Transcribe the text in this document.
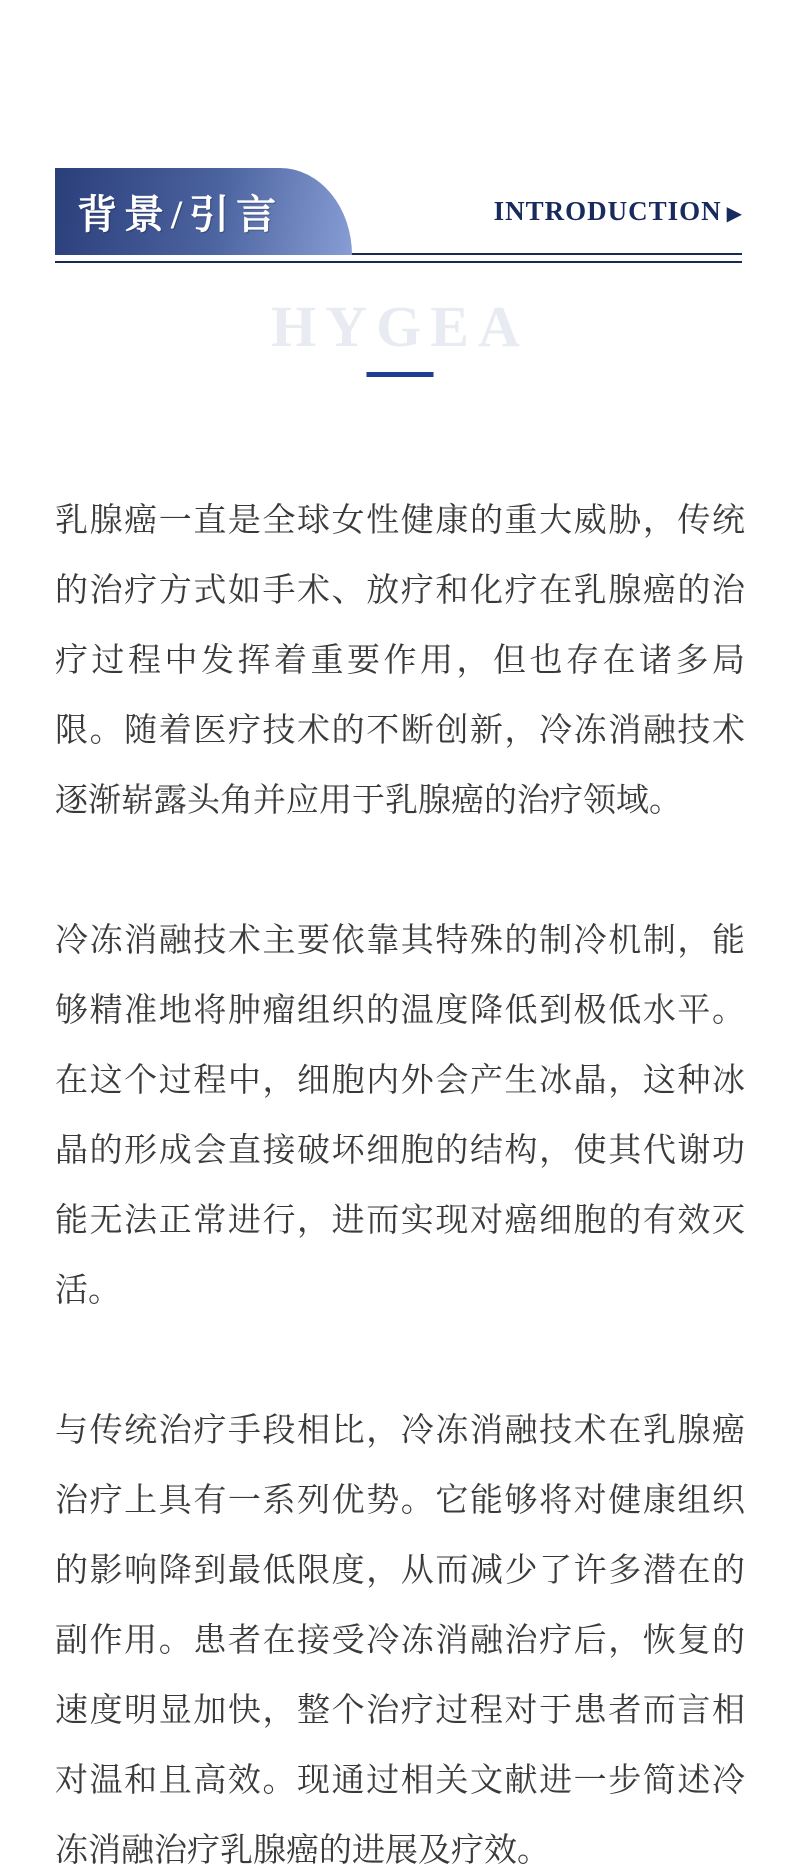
背景/引言	INTRODUCTION ▶
HYGEA

乳腺癌一直是全球女性健康的重大威胁，传统的治疗方式如手术、放疗和化疗在乳腺癌的治疗过程中发挥着重要作用，但也存在诸多局限。随着医疗技术的不断创新，冷冻消融技术逐渐崭露头角并应用于乳腺癌的治疗领域。

冷冻消融技术主要依靠其特殊的制冷机制，能够精准地将肿瘤组织的温度降低到极低水平。在这个过程中，细胞内外会产生冰晶，这种冰晶的形成会直接破坏细胞的结构，使其代谢功能无法正常进行，进而实现对癌细胞的有效灭活。

与传统治疗手段相比，冷冻消融技术在乳腺癌治疗上具有一系列优势。它能够将对健康组织的影响降到最低限度，从而减少了许多潜在的副作用。患者在接受冷冻消融治疗后，恢复的速度明显加快，整个治疗过程对于患者而言相对温和且高效。现通过相关文献进一步简述冷冻消融治疗乳腺癌的进展及疗效。
